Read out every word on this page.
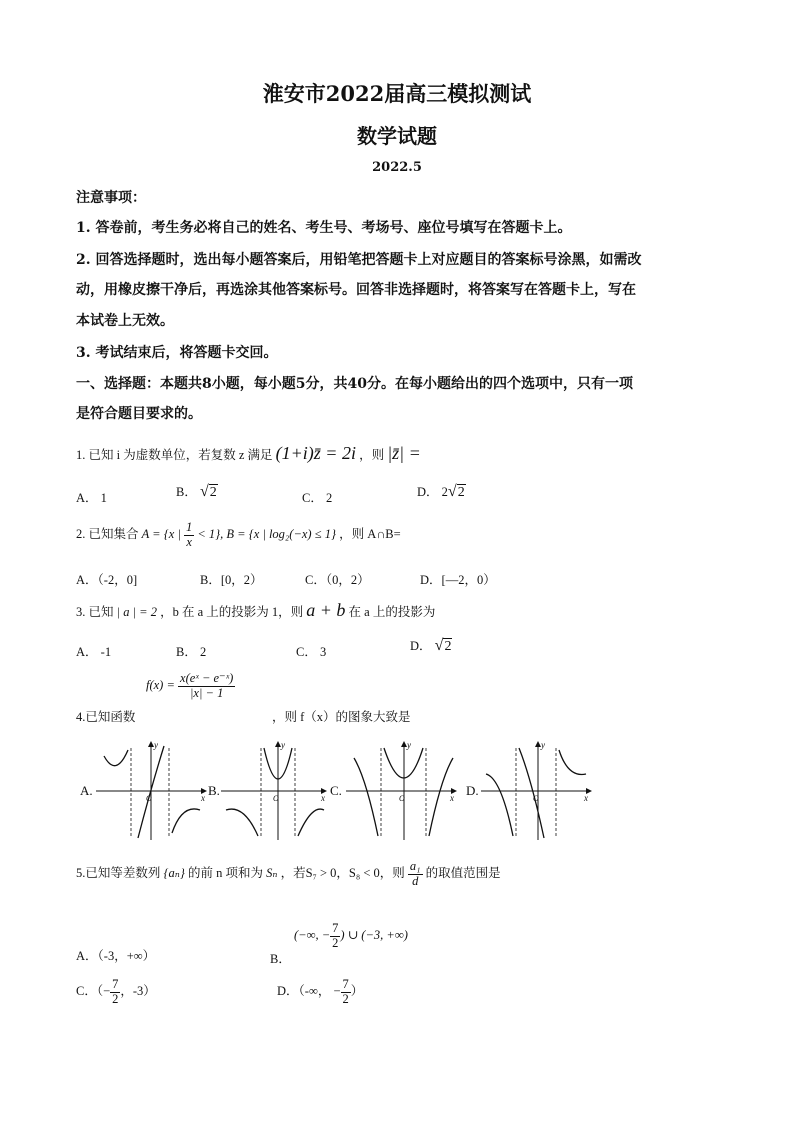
淮安市2022届高三模拟测试
数学试题
2022.5
注意事项：
1. 答卷前，考生务必将自己的姓名、考生号、考场号、座位号填写在答题卡上。
2. 回答选择题时，选出每小题答案后，用铅笔把答题卡上对应题目的答案标号涂黑，如需改
动，用橡皮擦干净后，再选涂其他答案标号。回答非选择题时，将答案写在答题卡上，写在
本试卷上无效。
3. 考试结束后，将答题卡交回。
一、选择题：本题共8小题，每小题5分，共40分。在每小题给出的四个选项中，只有一项
是符合题目要求的。
1. 已知 i 为虚数单位，若复数 z 满足 (1+i)z̄ = 2i ，则 |z̄| =
A． 1	B． √2	C． 2	D． 2√2
2. 已知集合 A = {x | $\frac{1}{x} < 1$}, B = {x | log₂(−x) ≤ 1} ，则 A∩B=
A．（-2，0]	B．[0，2）	C．（0，2）	D．[—2，0）
3. 已知 | a | = 2 ，b 在 a 上的投影为 1，则 a + b 在 a 上的投影为
A． -1	B． 2	C． 3	D． √2
$f(x) = \frac{\text{x(eˣ − e⁻ˣ)}}{|x| - 1}$
4.已知函数	，则 f（x）的图象大致是
A.	x
y
O
B.	x
y
O
C.	x
y
O
D.	x
y
O
5.已知等差数列 {aₙ} 的前 n 项和为 Sₙ ，若S₇ > 0，S₈ < 0，则 $\frac{\text{a₁}}{d}$ 的取值范围是
A．（-3，+∞）	B． (−∞, − $\frac{7}{2}$ ) ∪ (−3, +∞)
C．（− $\frac{7}{2}$ ，-3）	D．（-∞， − $\frac{7}{2}$ ）
